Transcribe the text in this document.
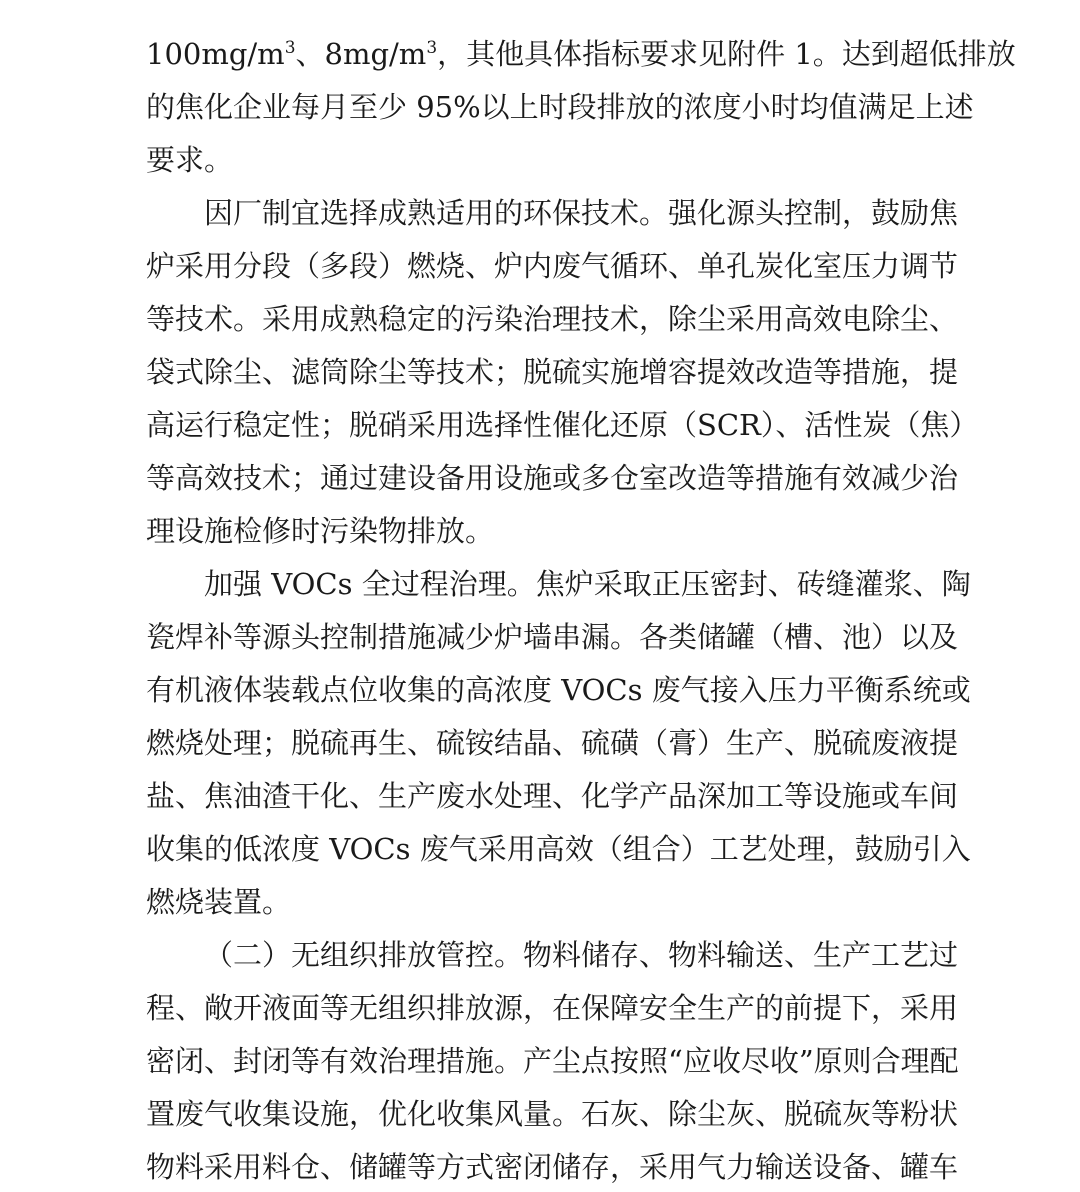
$100mg/m^3$、$8mg/m^3$，其他具体指标要求见附件 1。达到超低排放
的焦化企业每月至少 95%以上时段排放的浓度小时均值满足上述
要求。
因厂制宜选择成熟适用的环保技术。强化源头控制，鼓励焦
炉采用分段（多段）燃烧、炉内废气循环、单孔炭化室压力调节
等技术。采用成熟稳定的污染治理技术，除尘采用高效电除尘、
袋式除尘、滤筒除尘等技术；脱硫实施增容提效改造等措施，提
高运行稳定性；脱硝采用选择性催化还原（SCR）、活性炭（焦）
等高效技术；通过建设备用设施或多仓室改造等措施有效减少治
理设施检修时污染物排放。
加强 VOCs 全过程治理。焦炉采取正压密封、砖缝灌浆、陶
瓷焊补等源头控制措施减少炉墙串漏。各类储罐（槽、池）以及
有机液体装载点位收集的高浓度 VOCs 废气接入压力平衡系统或
燃烧处理；脱硫再生、硫铵结晶、硫磺（膏）生产、脱硫废液提
盐、焦油渣干化、生产废水处理、化学产品深加工等设施或车间
收集的低浓度 VOCs 废气采用高效（组合）工艺处理，鼓励引入
燃烧装置。
（二）无组织排放管控。物料储存、物料输送、生产工艺过
程、敞开液面等无组织排放源，在保障安全生产的前提下，采用
密闭、封闭等有效治理措施。产尘点按照“应收尽收”原则合理配
置废气收集设施，优化收集风量。石灰、除尘灰、脱硫灰等粉状
物料采用料仓、储罐等方式密闭储存，采用气力输送设备、罐车
